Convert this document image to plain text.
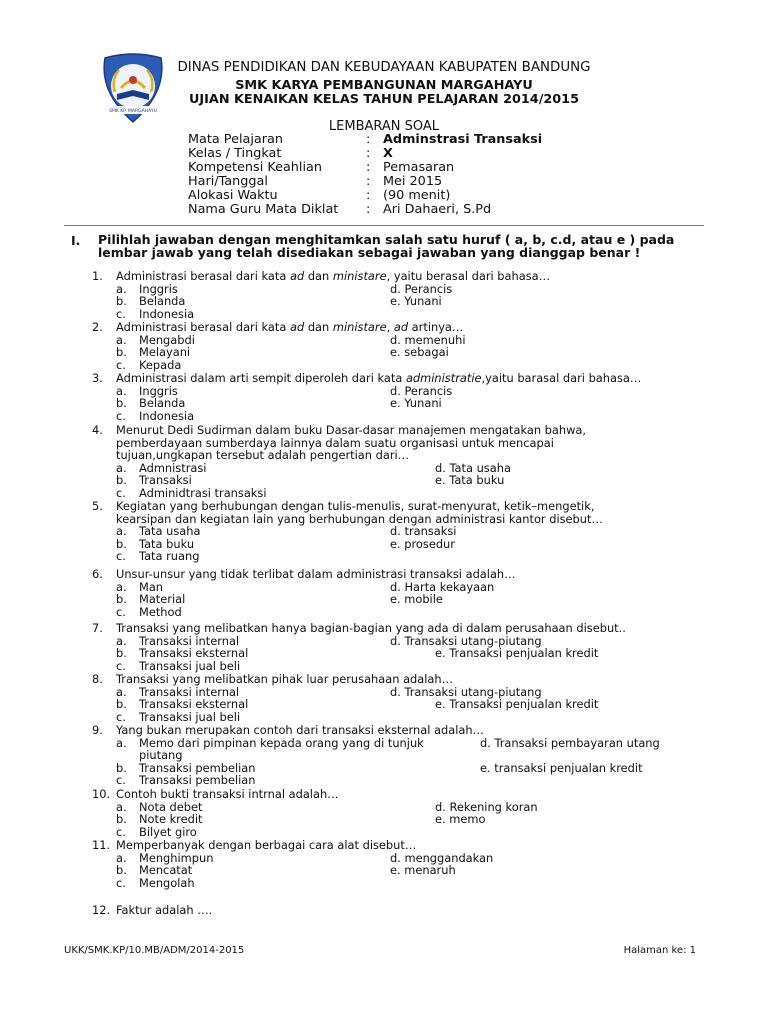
SMK KP. MARGAHAYU
DINAS PENDIDIKAN DAN KEBUDAYAAN KABUPATEN BANDUNG
SMK KARYA PEMBANGUNAN MARGAHAYU
UJIAN KENAIKAN KELAS TAHUN PELAJARAN 2014/2015
LEMBARAN SOAL
Mata Pelajaran	: Adminstrasi Transaksi
Kelas / Tingkat	: X
Kompetensi Keahlian	: Pemasaran
Hari/Tanggal	: Mei 2015
Alokasi Waktu	: (90 menit)
Nama Guru Mata Diklat : Ari Dahaeri, S.Pd
I. Pilihlah jawaban dengan menghitamkan salah satu huruf ( a, b, c.d, atau e ) pada lembar jawab yang telah disediakan sebagai jawaban yang dianggap benar !
1. Administrasi berasal dari kata ad dan ministare, yaitu berasal dari bahasa…
a. Inggris	d. Perancis
b. Belanda	e. Yunani
c. Indonesia
2. Administrasi berasal dari kata ad dan ministare, ad artinya…
a. Mengabdi	d. memenuhi
b. Melayani	e. sebagai
c. Kepada
3. Administrasi dalam arti sempit diperoleh dari kata administratie,yaitu barasal dari bahasa…
a. Inggris	d. Perancis
b. Belanda	e. Yunani
c. Indonesia
4. Menurut Dedi Sudirman dalam buku Dasar-dasar manajemen mengatakan bahwa,
pemberdayaan sumberdaya lainnya dalam suatu organisasi untuk mencapai
tujuan,ungkapan tersebut adalah pengertian dari…
a. Admnistrasi	d. Tata usaha
b. Transaksi	e. Tata buku
c. Adminidtrasi transaksi
5. Kegiatan yang berhubungan dengan tulis-menulis, surat-menyurat, ketik–mengetik,
kearsipan dan kegiatan lain yang berhubungan dengan administrasi kantor disebut…
a. Tata usaha	d. transaksi
b. Tata buku	e. prosedur
c. Tata ruang
6. Unsur-unsur yang tidak terlibat dalam administrasi transaksi adalah…
a. Man	d. Harta kekayaan
b. Material	e. mobile
c. Method
7. Transaksi yang melibatkan hanya bagian-bagian yang ada di dalam perusahaan disebut..
a. Transaksi internal	d. Transaksi utang-piutang
b. Transaksi eksternal	e. Transaksi penjualan kredit
c. Transaksi jual beli
8. Transaksi yang melibatkan pihak luar perusahaan adalah…
a. Transaksi internal	d. Transaksi utang-piutang
b. Transaksi eksternal	e. Transaksi penjualan kredit
c. Transaksi jual beli
9. Yang bukan merupakan contoh dari transaksi eksternal adalah…
a. Memo dari pimpinan kepada orang yang di tunjuk	d. Transaksi pembayaran utang
piutang
b. Transaksi pembelian	e. transaksi penjualan kredit
c. Transaksi pembelian
10. Contoh bukti transaksi intrnal adalah…
a. Nota debet	d. Rekening koran
b. Note kredit	e. memo
c. Bilyet giro
11. Memperbanyak dengan berbagai cara alat disebut…
a. Menghimpun	d. menggandakan
b. Mencatat	e. menaruh
c. Mengolah
12. Faktur adalah ….
UKK/SMK.KP/10.MB/ADM/2014-2015	Halaman ke: 1
